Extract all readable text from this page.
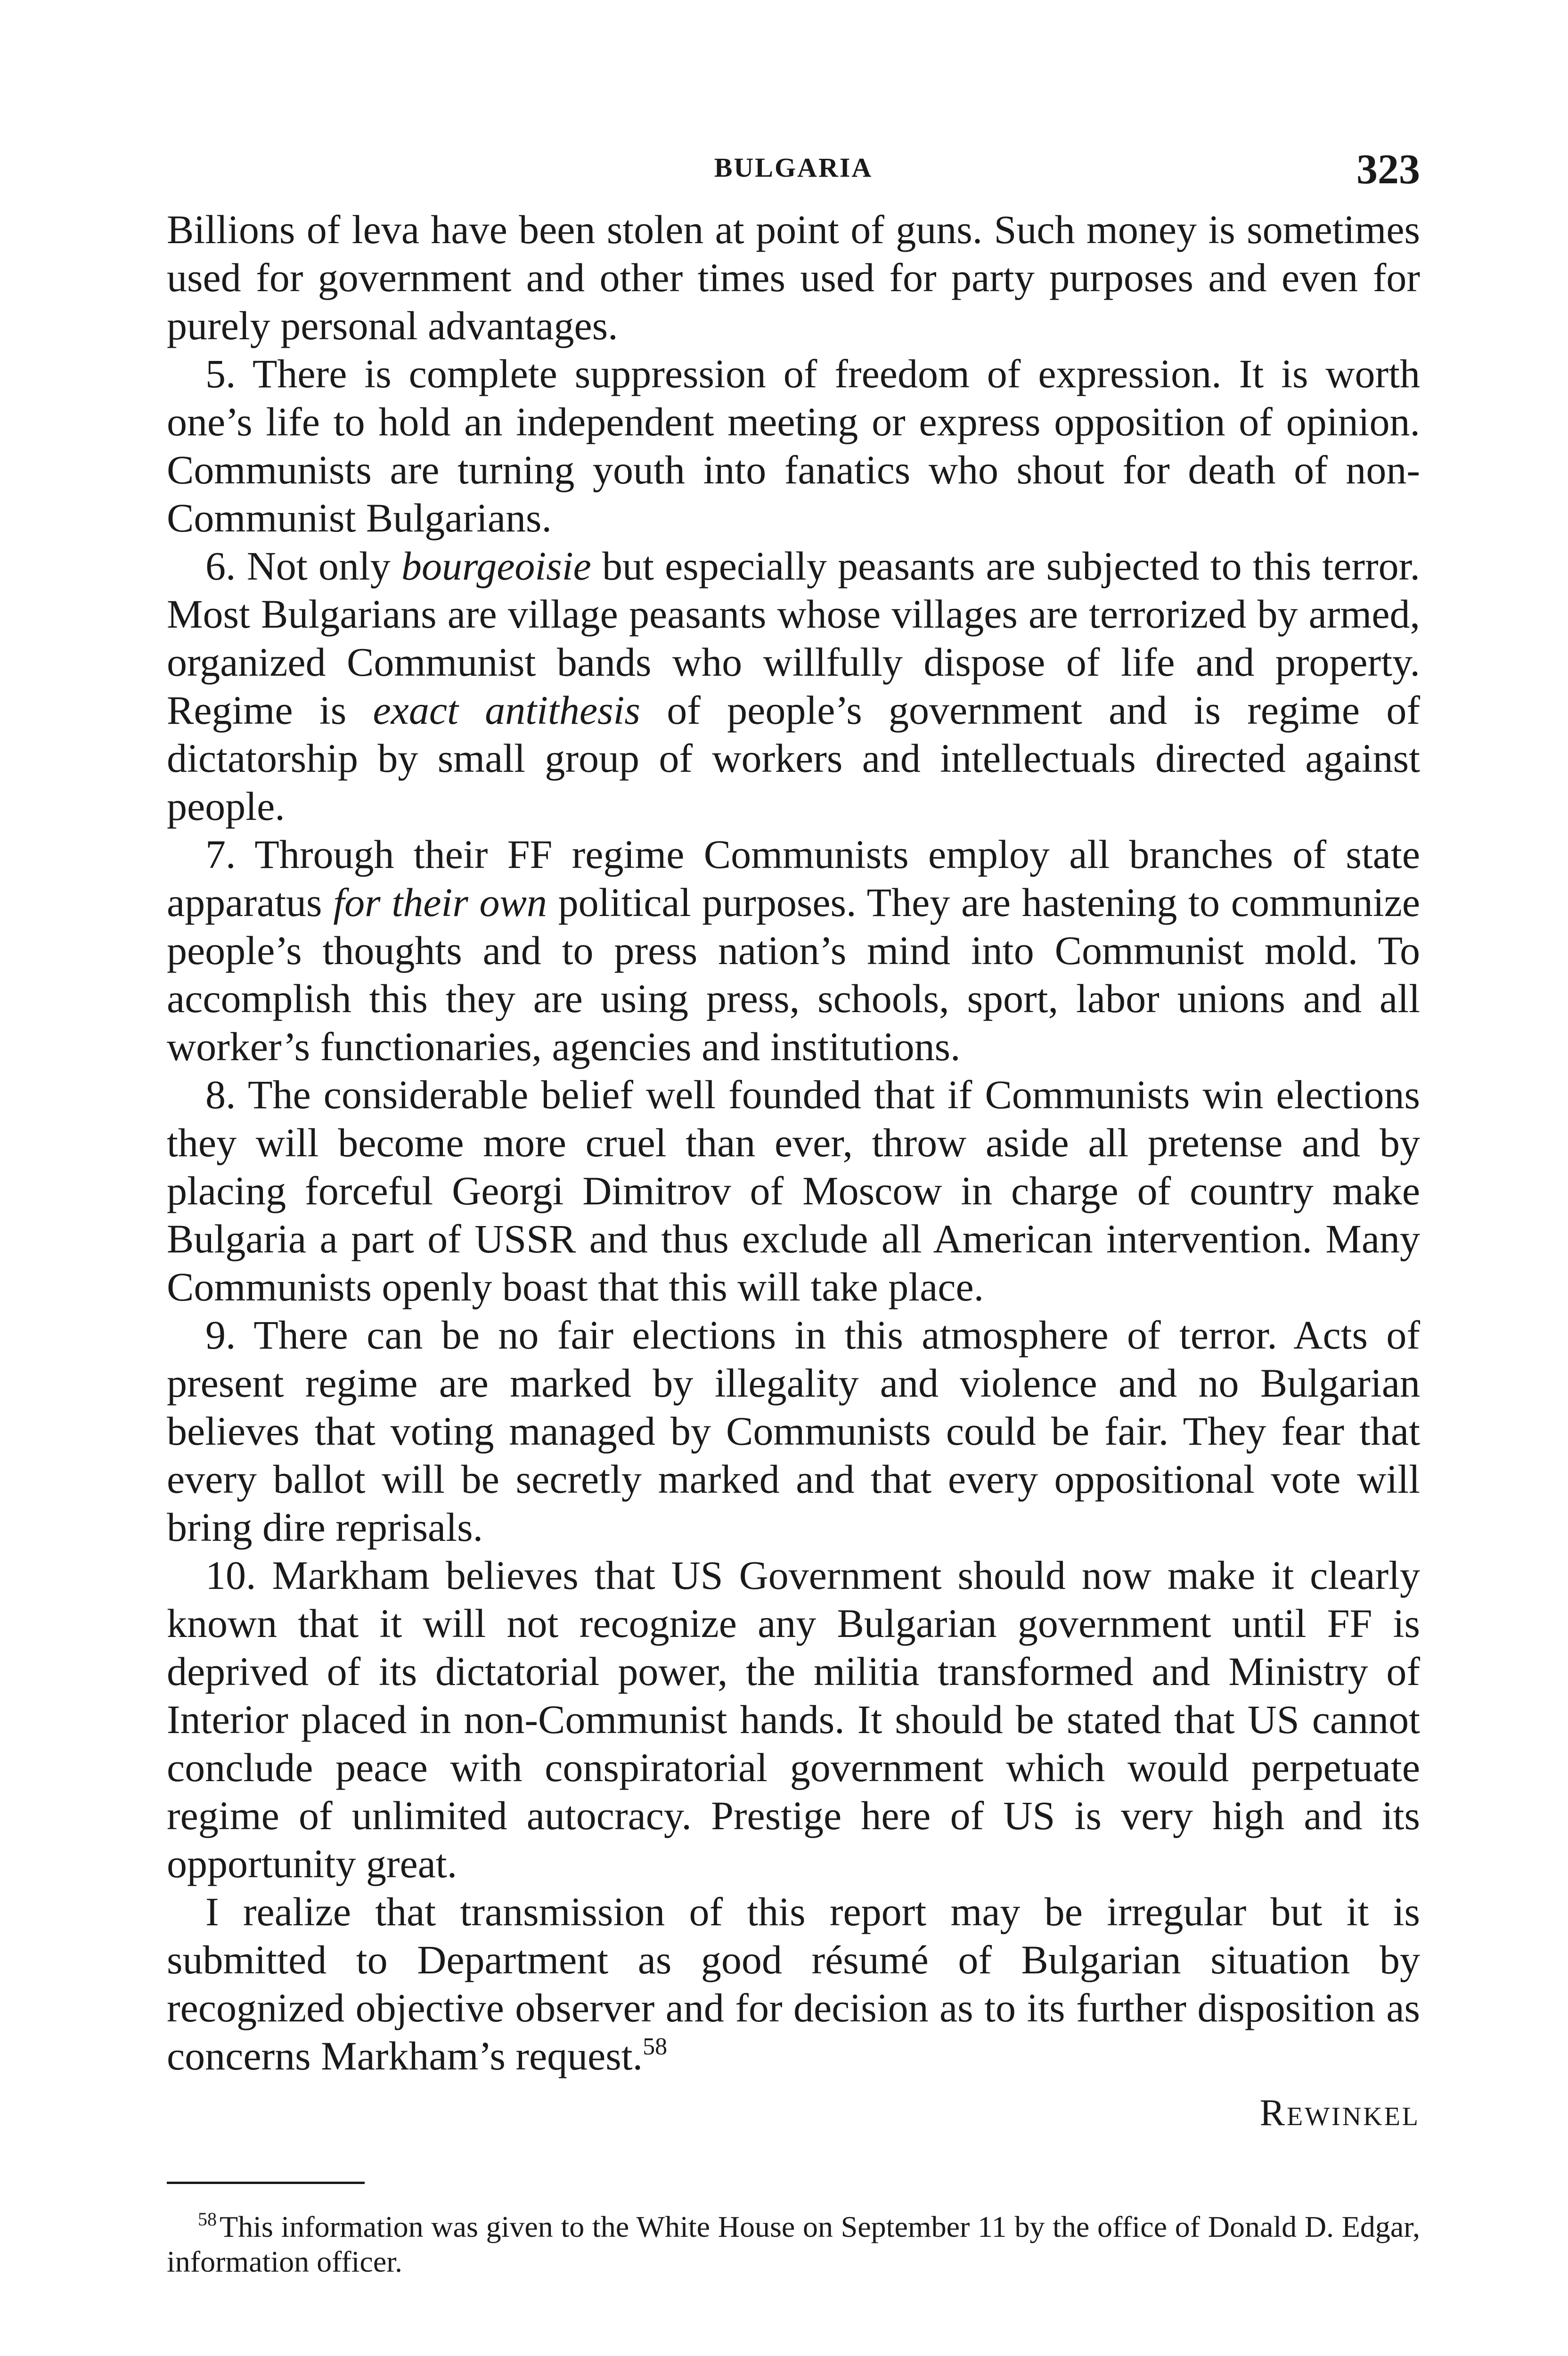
BULGARIA	323

Billions of leva have been stolen at point of guns. Such money is sometimes used for government and other times used for party purposes and even for purely personal advantages.

5. There is complete suppression of freedom of expression. It is worth one’s life to hold an independent meeting or express opposition of opinion. Communists are turning youth into fanatics who shout for death of non-Communist Bulgarians.

6. Not only bourgeoisie but especially peasants are subjected to this terror. Most Bulgarians are village peasants whose villages are terrorized by armed, organized Communist bands who willfully dispose of life and property. Regime is exact antithesis of people’s government and is regime of dictatorship by small group of workers and intellectuals directed against people.

7. Through their FF regime Communists employ all branches of state apparatus for their own political purposes. They are hastening to communize people’s thoughts and to press nation’s mind into Communist mold. To accomplish this they are using press, schools, sport, labor unions and all worker’s functionaries, agencies and institutions.

8. The considerable belief well founded that if Communists win elections they will become more cruel than ever, throw aside all pretense and by placing forceful Georgi Dimitrov of Moscow in charge of country make Bulgaria a part of USSR and thus exclude all American intervention. Many Communists openly boast that this will take place.

9. There can be no fair elections in this atmosphere of terror. Acts of present regime are marked by illegality and violence and no Bulgarian believes that voting managed by Communists could be fair. They fear that every ballot will be secretly marked and that every oppositional vote will bring dire reprisals.

10. Markham believes that US Government should now make it clearly known that it will not recognize any Bulgarian government until FF is deprived of its dictatorial power, the militia transformed and Ministry of Interior placed in non-Communist hands. It should be stated that US cannot conclude peace with conspiratorial government which would perpetuate regime of unlimited autocracy. Prestige here of US is very high and its opportunity great.

I realize that transmission of this report may be irregular but it is submitted to Department as good résumé of Bulgarian situation by recognized objective observer and for decision as to its further disposition as concerns Markham’s request.$^{58}$

Rewinkel

$^{58}$This information was given to the White House on September 11 by the office of Donald D. Edgar, information officer.
